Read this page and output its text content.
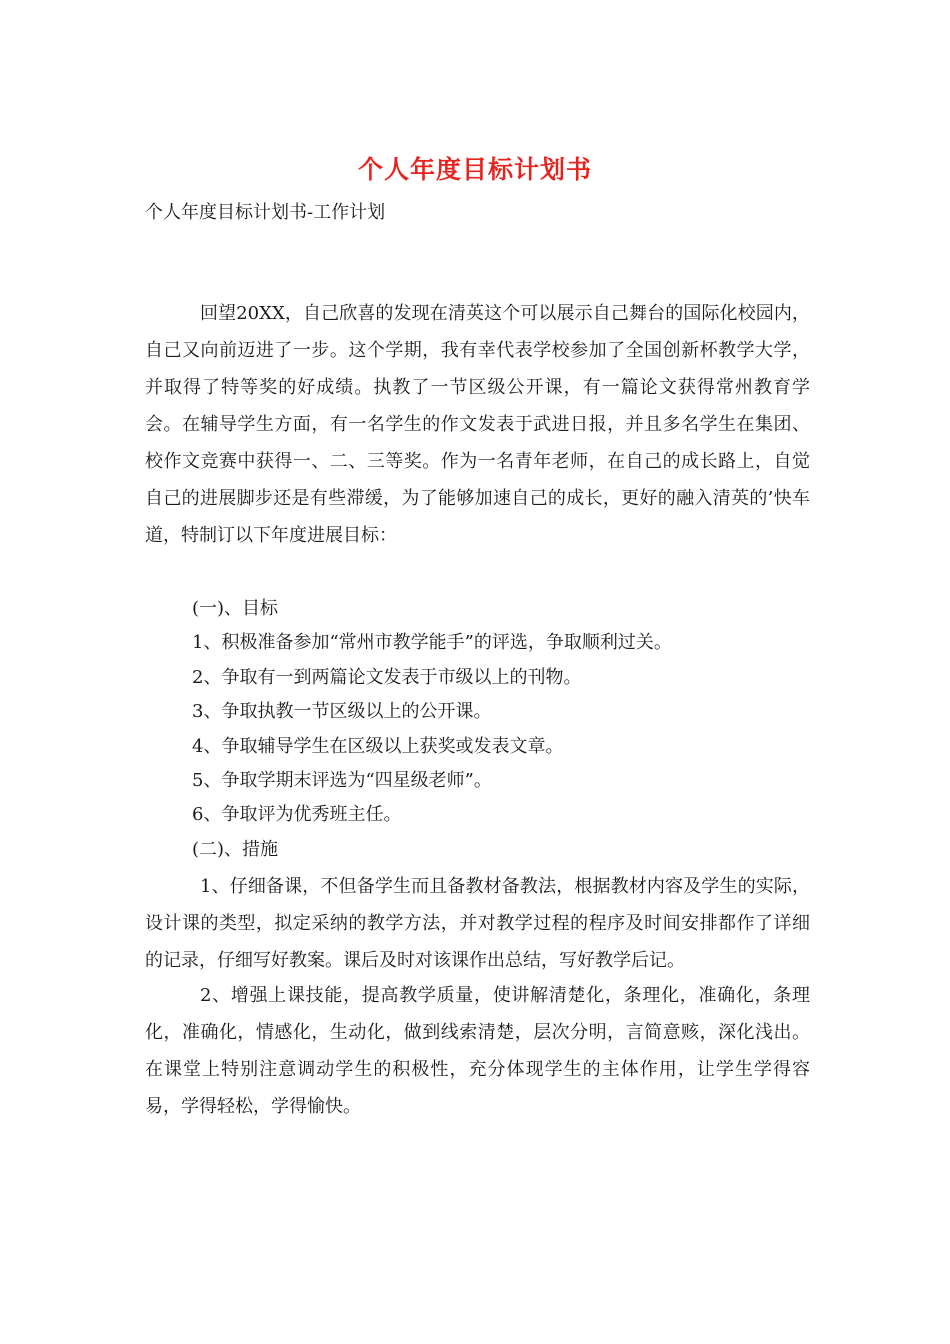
个人年度目标计划书
个人年度目标计划书-工作计划

回望20XX，自己欣喜的发现在清英这个可以展示自己舞台的国际化校园内，自己又向前迈进了一步。这个学期，我有幸代表学校参加了全国创新杯教学大学，并取得了特等奖的好成绩。执教了一节区级公开课，有一篇论文获得常州教育学会。在辅导学生方面，有一名学生的作文发表于武进日报，并且多名学生在集团、校作文竞赛中获得一、二、三等奖。作为一名青年老师，在自己的成长路上，自觉自己的进展脚步还是有些滞缓，为了能够加速自己的成长，更好的融入清英的’快车道，特制订以下年度进展目标：

(一)、目标
1、积极准备参加“常州市教学能手”的评选，争取顺利过关。
2、争取有一到两篇论文发表于市级以上的刊物。
3、争取执教一节区级以上的公开课。
4、争取辅导学生在区级以上获奖或发表文章。
5、争取学期末评选为“四星级老师”。
6、争取评为优秀班主任。
(二)、措施

1、仔细备课，不但备学生而且备教材备教法，根据教材内容及学生的实际，设计课的类型，拟定采纳的教学方法，并对教学过程的程序及时间安排都作了详细的记录，仔细写好教案。课后及时对该课作出总结，写好教学后记。

2、增强上课技能，提高教学质量，使讲解清楚化，条理化，准确化，条理化，准确化，情感化，生动化，做到线索清楚，层次分明，言简意赅，深化浅出。在课堂上特别注意调动学生的积极性，充分体现学生的主体作用，让学生学得容易，学得轻松，学得愉快。
